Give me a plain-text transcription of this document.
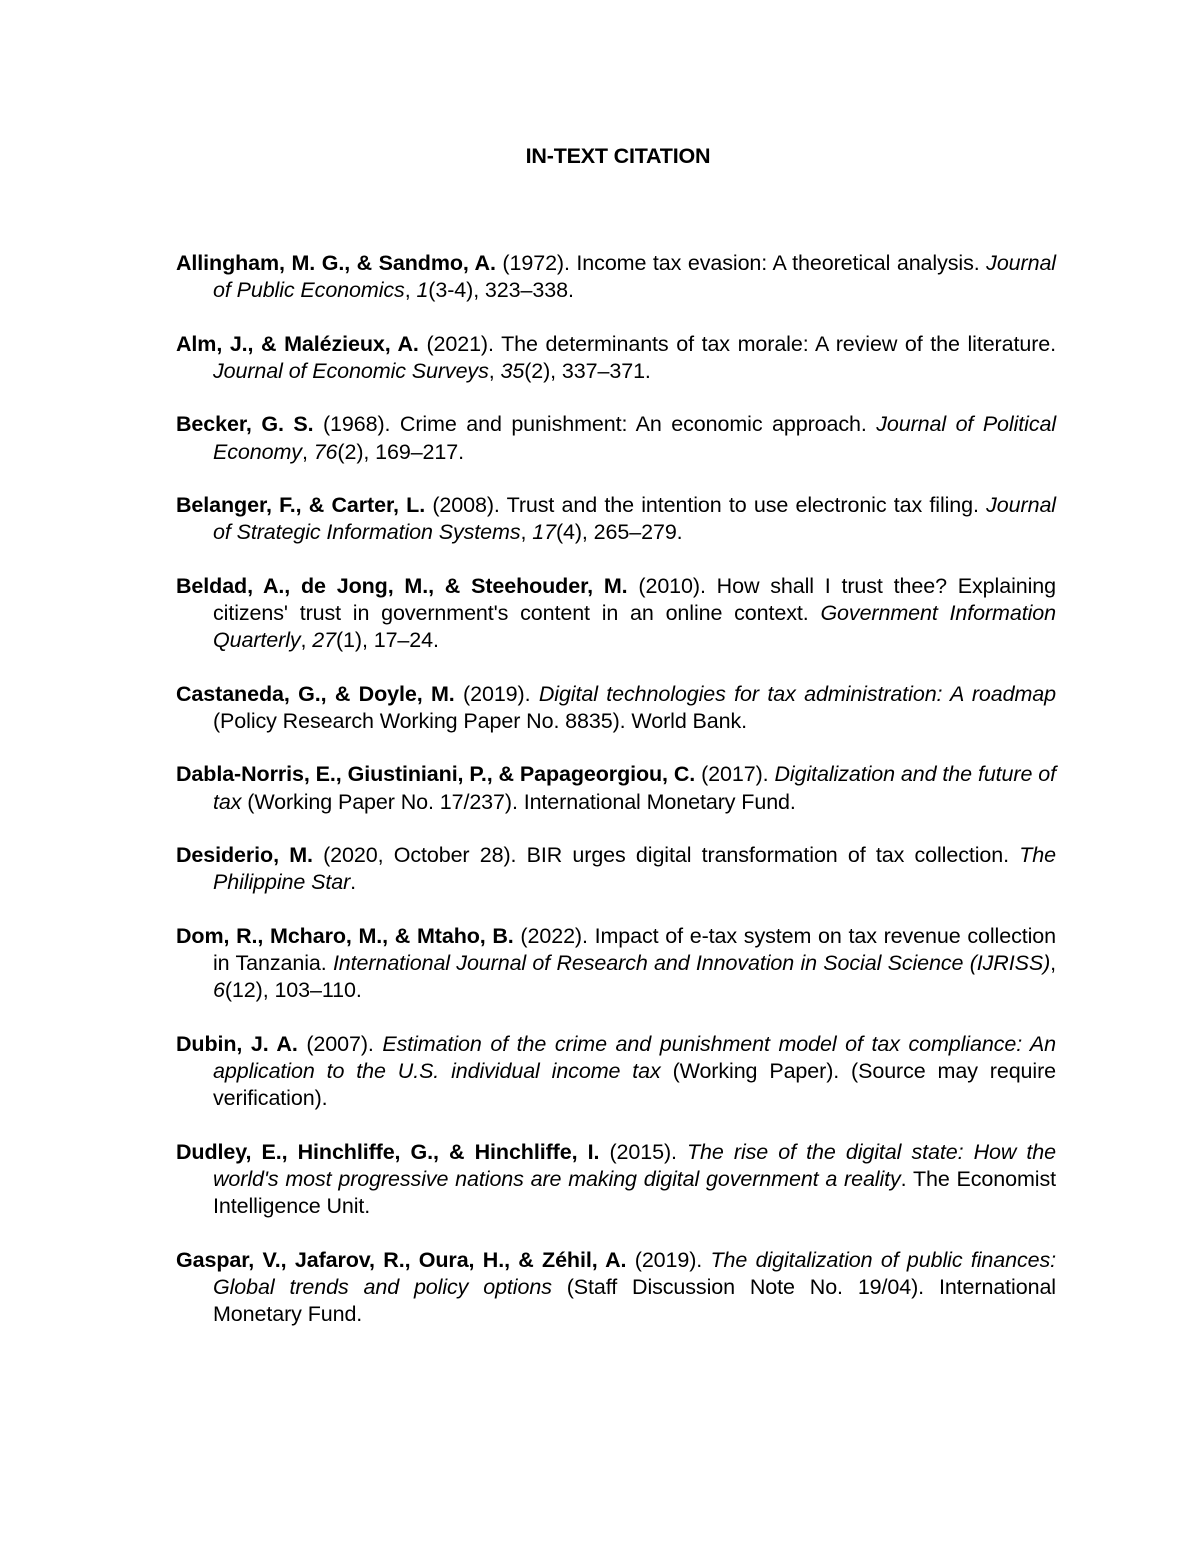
IN-TEXT CITATION

Allingham, M. G., & Sandmo, A. (1972). Income tax evasion: A theoretical analysis. Journal of Public Economics, 1(3-4), 323–338.

Alm, J., & Malézieux, A. (2021). The determinants of tax morale: A review of the literature. Journal of Economic Surveys, 35(2), 337–371.

Becker, G. S. (1968). Crime and punishment: An economic approach. Journal of Political Economy, 76(2), 169–217.

Belanger, F., & Carter, L. (2008). Trust and the intention to use electronic tax filing. Journal of Strategic Information Systems, 17(4), 265–279.

Beldad, A., de Jong, M., & Steehouder, M. (2010). How shall I trust thee? Explaining citizens' trust in government's content in an online context. Government Information Quarterly, 27(1), 17–24.

Castaneda, G., & Doyle, M. (2019). Digital technologies for tax administration: A roadmap (Policy Research Working Paper No. 8835). World Bank.

Dabla-Norris, E., Giustiniani, P., & Papageorgiou, C. (2017). Digitalization and the future of tax (Working Paper No. 17/237). International Monetary Fund.

Desiderio, M. (2020, October 28). BIR urges digital transformation of tax collection. The Philippine Star.

Dom, R., Mcharo, M., & Mtaho, B. (2022). Impact of e-tax system on tax revenue collection in Tanzania. International Journal of Research and Innovation in Social Science (IJRISS), 6(12), 103–110.

Dubin, J. A. (2007). Estimation of the crime and punishment model of tax compliance: An application to the U.S. individual income tax (Working Paper). (Source may require verification).

Dudley, E., Hinchliffe, G., & Hinchliffe, I. (2015). The rise of the digital state: How the world's most progressive nations are making digital government a reality. The Economist Intelligence Unit.

Gaspar, V., Jafarov, R., Oura, H., & Zéhil, A. (2019). The digitalization of public finances: Global trends and policy options (Staff Discussion Note No. 19/04). International Monetary Fund.
